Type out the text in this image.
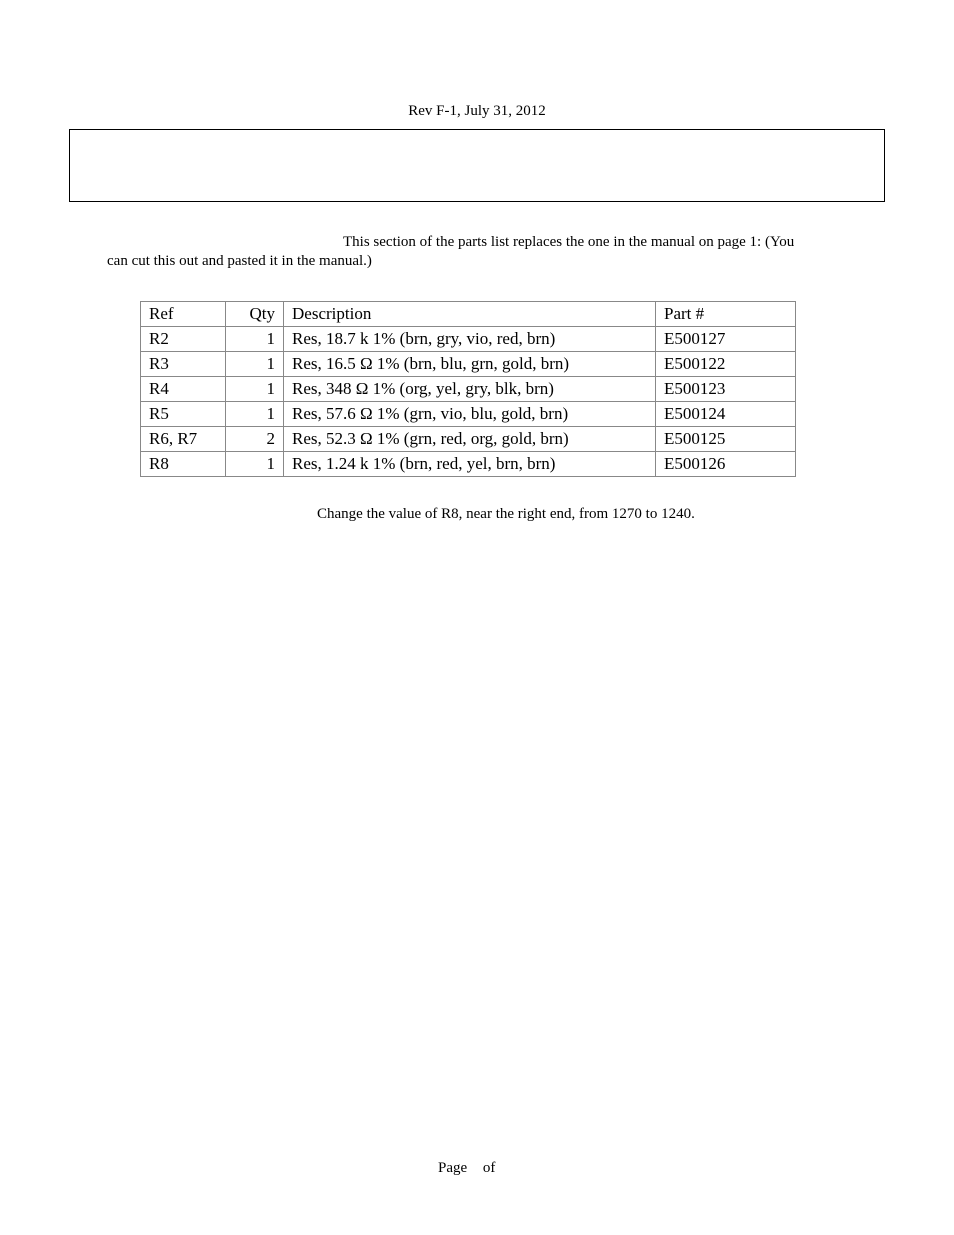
Rev F-1, July 31, 2012
This section of the parts list replaces the one in the manual on page 1: (You
can cut this out and pasted it in the manual.)
Ref	Qty	Description	Part #
R2	1	Res, 18.7 k 1% (brn, gry, vio, red, brn)	E500127
R3	1	Res, 16.5 Ω 1% (brn, blu, grn, gold, brn)	E500122
R4	1	Res, 348 Ω 1% (org, yel, gry, blk, brn)	E500123
R5	1	Res, 57.6 Ω 1% (grn, vio, blu, gold, brn)	E500124
R6, R7	2	Res, 52.3 Ω 1% (grn, red, org, gold, brn)	E500125
R8	1	Res, 1.24 k 1% (brn, red, yel, brn, brn)	E500126
Change the value of R8, near the right end, from 1270 to 1240.
Page of
